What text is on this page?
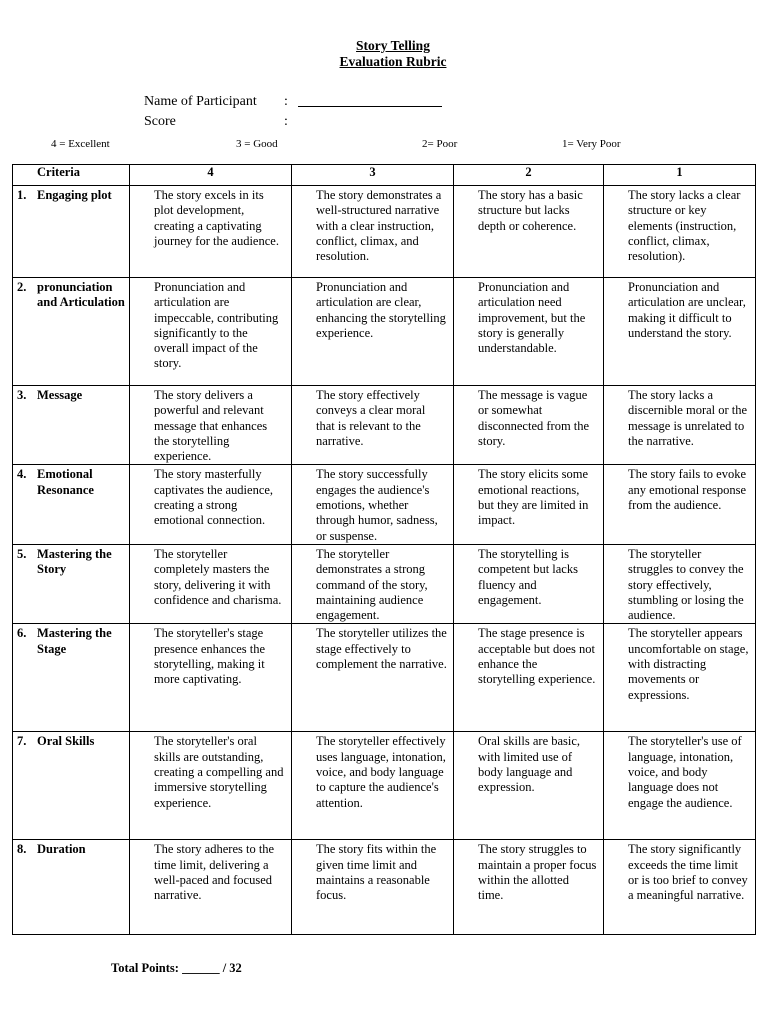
Story Telling
Evaluation Rubric
Name of Participant	:
Score	:
4 = Excellent	3 = Good	2= Poor	1= Very Poor
Criteria	4	3	2	1

1. Engaging plot	The story excels in its plot development, creating a captivating journey for the audience.	The story demonstrates a well-structured narrative with a clear instruction, conflict, climax, and resolution.	The story has a basic structure but lacks depth or coherence.	The story lacks a clear structure or key elements (instruction, conflict, climax, resolution).

2. pronunciation and Articulation	Pronunciation and articulation are impeccable, contributing significantly to the overall impact of the story.	Pronunciation and articulation are clear, enhancing the storytelling experience.	Pronunciation and articulation need improvement, but the story is generally understandable.	Pronunciation and articulation are unclear, making it difficult to understand the story.

3. Message	The story delivers a powerful and relevant message that enhances the storytelling experience.	The story effectively conveys a clear moral that is relevant to the narrative.	The message is vague or somewhat disconnected from the story.	The story lacks a discernible moral or the message is unrelated to the narrative.

4. Emotional Resonance	The story masterfully captivates the audience, creating a strong emotional connection.	The story successfully engages the audience's emotions, whether through humor, sadness, or suspense.	The story elicits some emotional reactions, but they are limited in impact.	The story fails to evoke any emotional response from the audience.

5. Mastering the Story	The storyteller completely masters the story, delivering it with confidence and charisma.	The storyteller demonstrates a strong command of the story, maintaining audience engagement.	The storytelling is competent but lacks fluency and engagement.	The storyteller struggles to convey the story effectively, stumbling or losing the audience.

6. Mastering the Stage	The storyteller's stage presence enhances the storytelling, making it more captivating.	The storyteller utilizes the stage effectively to complement the narrative.	The stage presence is acceptable but does not enhance the storytelling experience.	The storyteller appears uncomfortable on stage, with distracting movements or expressions.

7. Oral Skills	The storyteller's oral skills are outstanding, creating a compelling and immersive storytelling experience.	The storyteller effectively uses language, intonation, voice, and body language to capture the audience's attention.	Oral skills are basic, with limited use of body language and expression.	The storyteller's use of language, intonation, voice, and body language does not engage the audience.

8. Duration	The story adheres to the time limit, delivering a well-paced and focused narrative.	The story fits within the given time limit and maintains a reasonable focus.	The story struggles to maintain a proper focus within the allotted time.	The story significantly exceeds the time limit or is too brief to convey a meaningful narrative.
Total Points: ______ / 32
